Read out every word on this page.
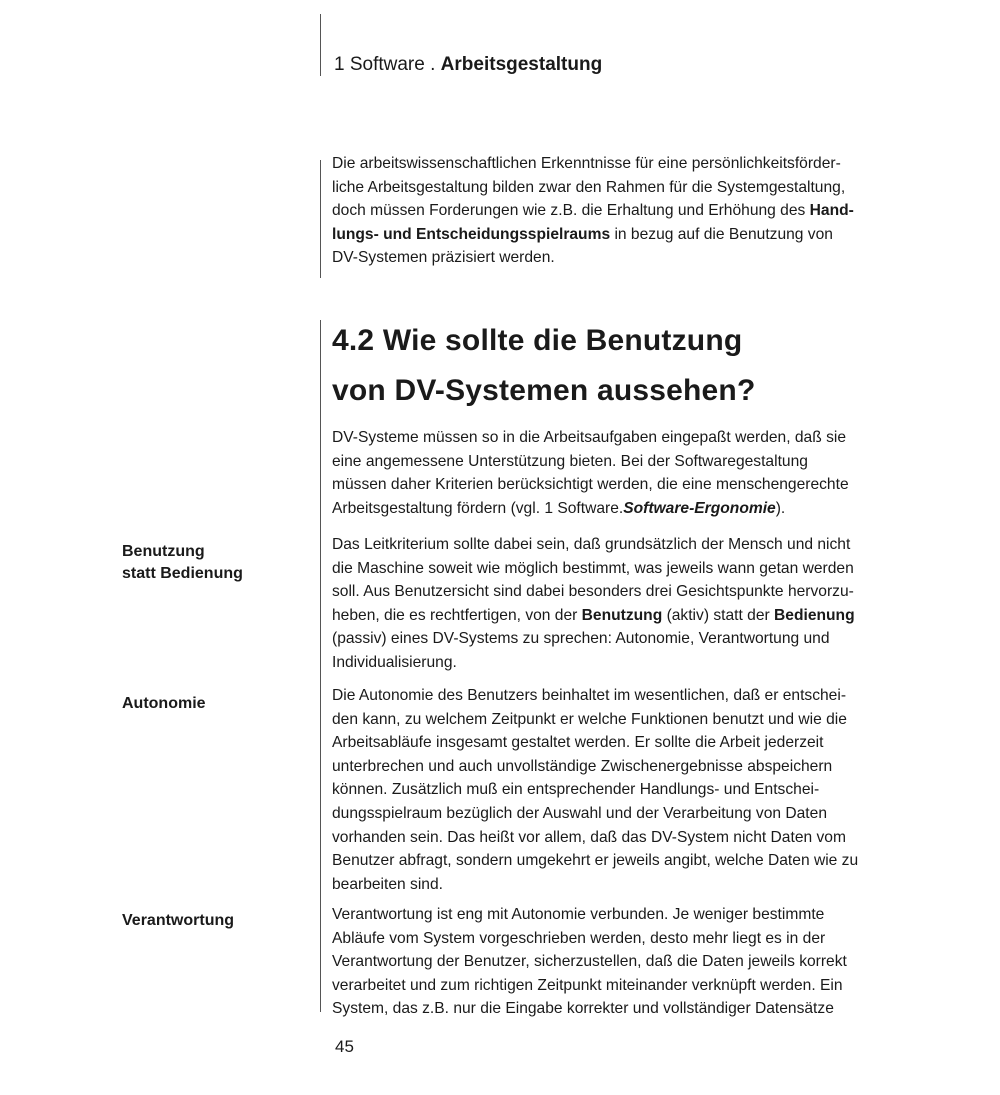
1 Software . Arbeitsgestaltung
Die arbeitswissenschaftlichen Erkenntnisse für eine persönlichkeitsförder-
liche Arbeitsgestaltung bilden zwar den Rahmen für die Systemgestaltung,
doch müssen Forderungen wie z.B. die Erhaltung und Erhöhung des Hand-
lungs- und Entscheidungsspielraums in bezug auf die Benutzung von
DV-Systemen präzisiert werden.
4.2 Wie sollte die Benutzung
von DV-Systemen aussehen?
DV-Systeme müssen so in die Arbeitsaufgaben eingepaßt werden, daß sie
eine angemessene Unterstützung bieten. Bei der Softwaregestaltung
müssen daher Kriterien berücksichtigt werden, die eine menschengerechte
Arbeitsgestaltung fördern (vgl. 1 Software.Software-Ergonomie).
Benutzung
statt Bedienung
Autonomie
Verantwortung
Das Leitkriterium sollte dabei sein, daß grundsätzlich der Mensch und nicht
die Maschine soweit wie möglich bestimmt, was jeweils wann getan werden
soll. Aus Benutzersicht sind dabei besonders drei Gesichtspunkte hervorzu-
heben, die es rechtfertigen, von der Benutzung (aktiv) statt der Bedienung
(passiv) eines DV-Systems zu sprechen: Autonomie, Verantwortung und
Individualisierung.
Die Autonomie des Benutzers beinhaltet im wesentlichen, daß er entschei-
den kann, zu welchem Zeitpunkt er welche Funktionen benutzt und wie die
Arbeitsabläufe insgesamt gestaltet werden. Er sollte die Arbeit jederzeit
unterbrechen und auch unvollständige Zwischenergebnisse abspeichern
können. Zusätzlich muß ein entsprechender Handlungs- und Entschei-
dungsspielraum bezüglich der Auswahl und der Verarbeitung von Daten
vorhanden sein. Das heißt vor allem, daß das DV-System nicht Daten vom
Benutzer abfragt, sondern umgekehrt er jeweils angibt, welche Daten wie zu
bearbeiten sind.
Verantwortung ist eng mit Autonomie verbunden. Je weniger bestimmte
Abläufe vom System vorgeschrieben werden, desto mehr liegt es in der
Verantwortung der Benutzer, sicherzustellen, daß die Daten jeweils korrekt
verarbeitet und zum richtigen Zeitpunkt miteinander verknüpft werden. Ein
System, das z.B. nur die Eingabe korrekter und vollständiger Datensätze
45
